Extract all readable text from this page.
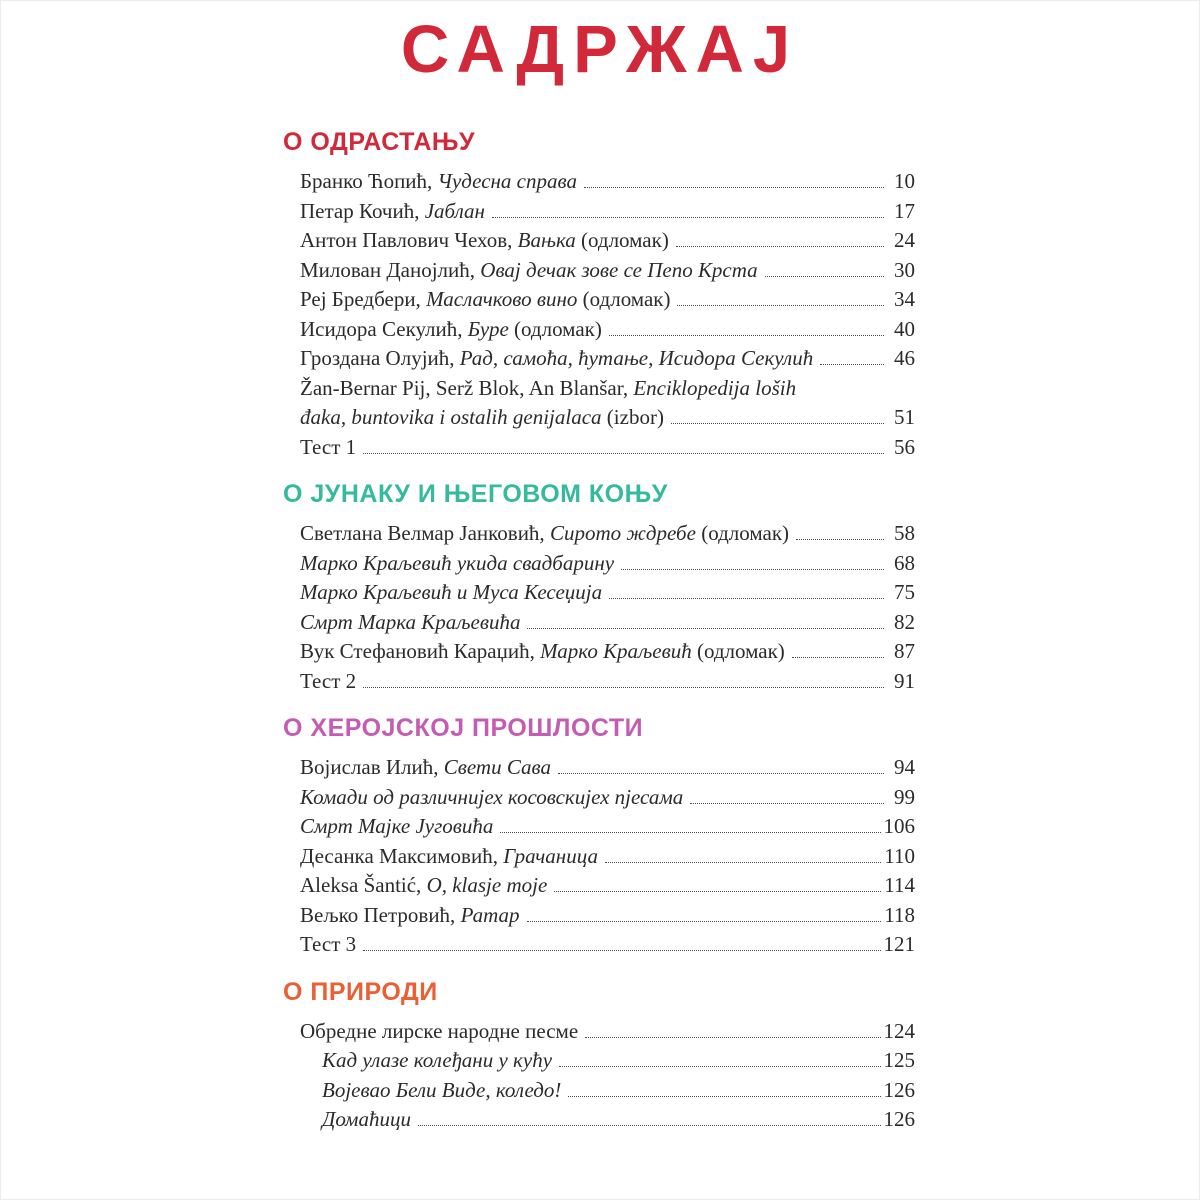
САДРЖАЈ
О ОДРАСТАЊУ
Бранко Ћопић, Чудесна справа	10
Петар Кочић, Јаблан	17
Антон Павлович Чехов, Вањка (одломак)	24
Милован Данојлић, Овај дечак зове се Пепо Крста	30
Реј Бредбери, Маслачково вино (одломак)	34
Исидора Секулић, Буре (одломак)	40
Гроздана Олујић, Рад, самоћа, ћутање, Исидора Секулић	46
Žan-Bernar Pij, Serž Blok, An Blanšar, Enciklopedija loših
đaka, buntovika i ostalih genijalaca (izbor)	51
Тест 1	56
О ЈУНАКУ И ЊЕГОВОМ КОЊУ
Светлана Велмар Јанковић, Сирото ждребе (одломак)	58
Марко Краљевић укида свадбарину	68
Марко Краљевић и Муса Кесеџија	75
Смрт Марка Краљевића	82
Вук Стефановић Караџић, Марко Краљевић (одломак)	87
Тест 2	91
О ХЕРОЈСКОЈ ПРОШЛОСТИ
Војислав Илић, Свети Сава	94
Комади од различнијех косовскијех пјесама	99
Смрт Мајке Југовића	106
Десанка Максимовић, Грачаница	110
Aleksa Šantić, O, klasje moje	114
Вељко Петровић, Ратар	118
Тест 3	121
О ПРИРОДИ
Обредне лирске народне песме	124
Кад улазе колеђани у кућу	125
Војевао Бели Виде, коледо!	126
Домаћици	126
